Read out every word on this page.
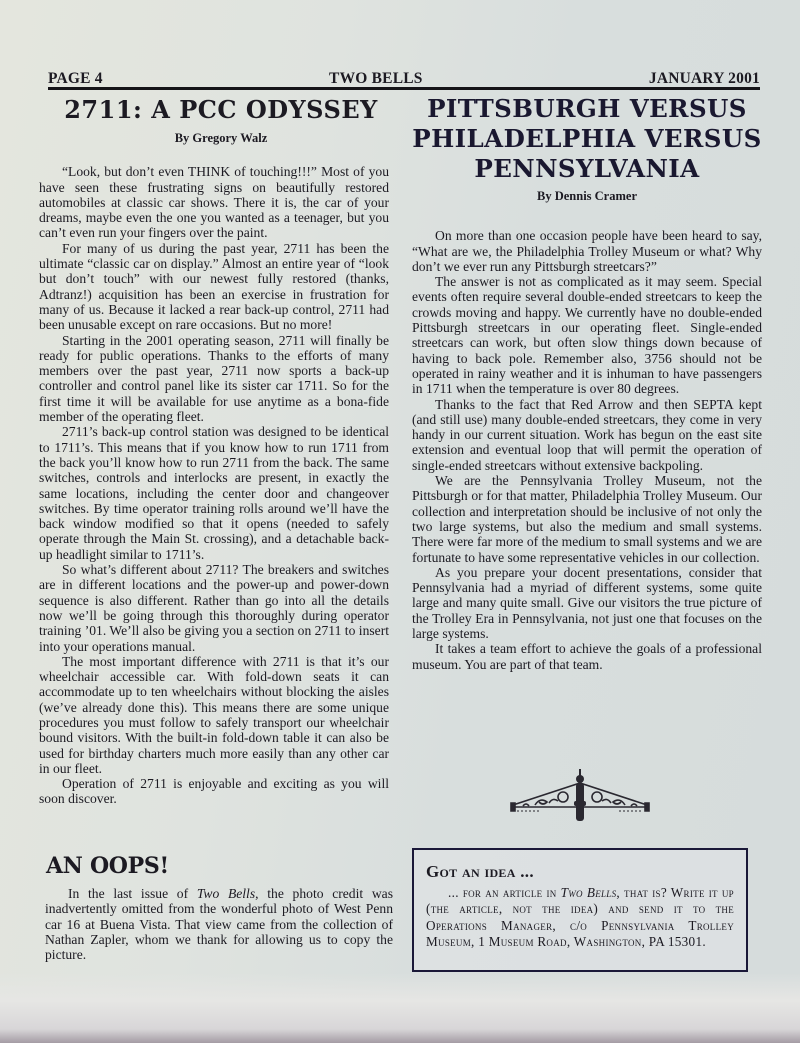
PAGE 4	TWO BELLS	JANUARY 2001
2711: A PCC ODYSSEY
By Gregory Walz

“Look, but don’t even THINK of touching!!!” Most of you have seen these frustrating signs on beautifully restored automobiles at classic car shows. There it is, the car of your dreams, maybe even the one you wanted as a teenager, but you can’t even run your fingers over the paint.

For many of us during the past year, 2711 has been the ultimate “classic car on display.” Almost an entire year of “look but don’t touch” with our newest fully restored (thanks, Adtranz!) acquisition has been an exercise in frustration for many of us. Because it lacked a rear back-up control, 2711 had been unusable except on rare occasions. But no more!

Starting in the 2001 operating season, 2711 will finally be ready for public operations. Thanks to the efforts of many members over the past year, 2711 now sports a back-up controller and control panel like its sister car 1711. So for the first time it will be available for use anytime as a bona-fide member of the operating fleet.

2711’s back-up control station was designed to be identical to 1711’s. This means that if you know how to run 1711 from the back you’ll know how to run 2711 from the back. The same switches, controls and interlocks are present, in exactly the same locations, including the center door and changeover switches. By time operator training rolls around we’ll have the back window modified so that it opens (needed to safely operate through the Main St. crossing), and a detachable back-up headlight similar to 1711’s.

So what’s different about 2711? The breakers and switches are in different locations and the power-up and power-down sequence is also different. Rather than go into all the details now we’ll be going through this thoroughly during operator training ’01. We’ll also be giving you a section on 2711 to insert into your operations manual.

The most important difference with 2711 is that it’s our wheelchair accessible car. With fold-down seats it can accommodate up to ten wheelchairs without blocking the aisles (we’ve already done this). This means there are some unique procedures you must follow to safely transport our wheelchair bound visitors. With the built-in fold-down table it can also be used for birthday charters much more easily than any other car in our fleet.

Operation of 2711 is enjoyable and exciting as you will soon discover.

PITTSBURGH VERSUS
PHILADELPHIA VERSUS
PENNSYLVANIA
By Dennis Cramer

On more than one occasion people have been heard to say, “What are we, the Philadelphia Trolley Museum or what? Why don’t we ever run any Pittsburgh streetcars?”

The answer is not as complicated as it may seem. Special events often require several double-ended streetcars to keep the crowds moving and happy. We currently have no double-ended Pittsburgh streetcars in our operating fleet. Single-ended streetcars can work, but often slow things down because of having to back pole. Remember also, 3756 should not be operated in rainy weather and it is inhuman to have passengers in 1711 when the temperature is over 80 degrees.

Thanks to the fact that Red Arrow and then SEPTA kept (and still use) many double-ended streetcars, they come in very handy in our current situation. Work has begun on the east site extension and eventual loop that will permit the operation of single-ended streetcars without extensive backpoling.

We are the Pennsylvania Trolley Museum, not the Pittsburgh or for that matter, Philadelphia Trolley Museum. Our collection and interpretation should be inclusive of not only the two large systems, but also the medium and small systems. There were far more of the medium to small systems and we are fortunate to have some representative vehicles in our collection.

As you prepare your docent presentations, consider that Pennsylvania had a myriad of different systems, some quite large and many quite small. Give our visitors the true picture of the Trolley Era in Pennsylvania, not just one that focuses on the large systems.

It takes a team effort to achieve the goals of a professional museum. You are part of that team.

AN OOPS!

In the last issue of Two Bells, the photo credit was inadvertently omitted from the wonderful photo of West Penn car 16 at Buena Vista. That view came from the collection of Nathan Zapler, whom we thank for allowing us to copy the picture.

Got an idea ...
... for an article in Two Bells, that is? Write it up (the article, not the idea) and send it to the Operations Manager, c/o Pennsylvania Trolley Museum, 1 Museum Road, Washington, PA 15301.
